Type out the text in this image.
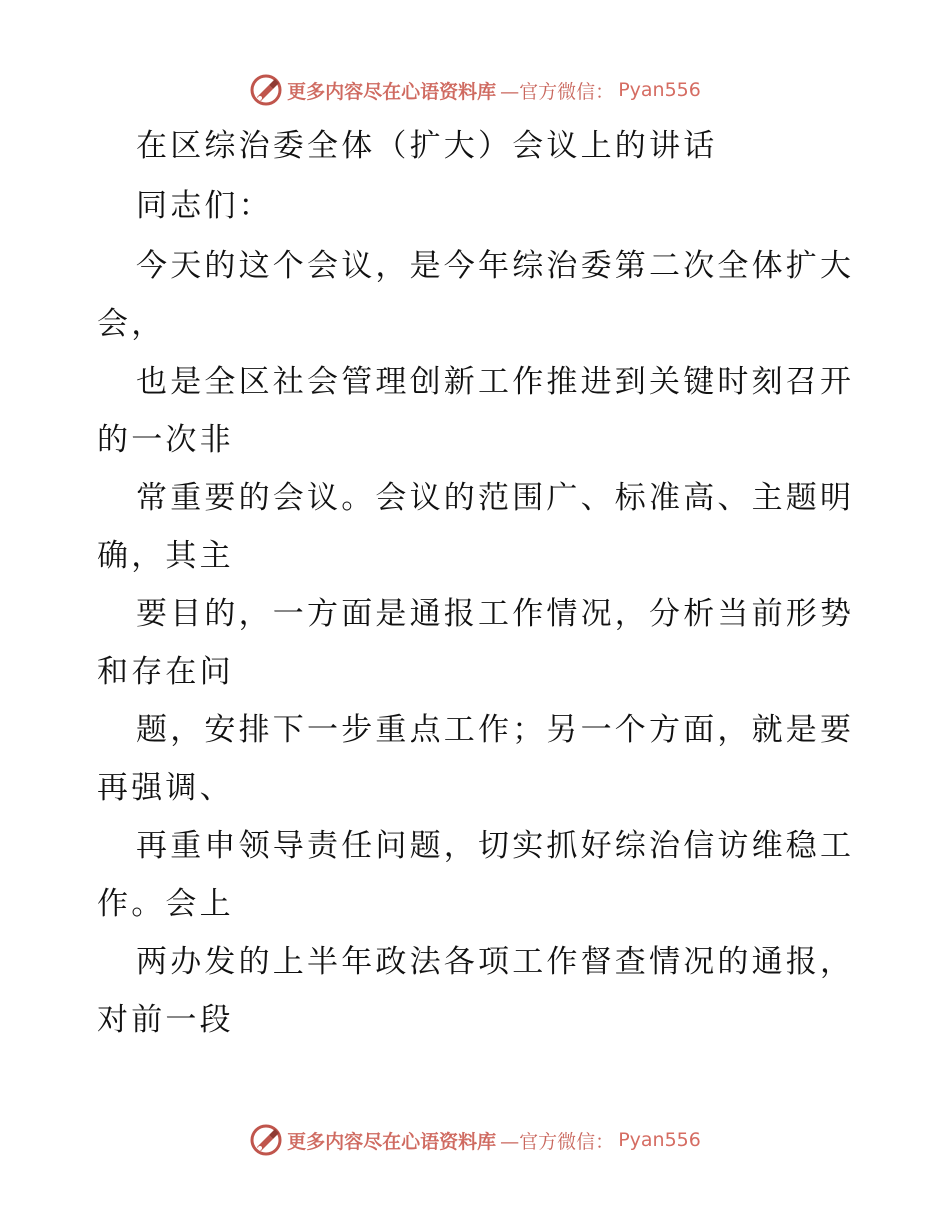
更多内容尽在心语资料库 —官方微信： Pyan556
在区综治委全体（扩大）会议上的讲话
同志们：
今天的这个会议，是今年综治委第二次全体扩大
会，
也是全区社会管理创新工作推进到关键时刻召开
的一次非
常重要的会议。会议的范围广、标准高、主题明
确，其主
要目的，一方面是通报工作情况，分析当前形势
和存在问
题，安排下一步重点工作；另一个方面，就是要
再强调、
再重申领导责任问题，切实抓好综治信访维稳工
作。会上
两办发的上半年政法各项工作督查情况的通报，
对前一段
更多内容尽在心语资料库 —官方微信： Pyan556
